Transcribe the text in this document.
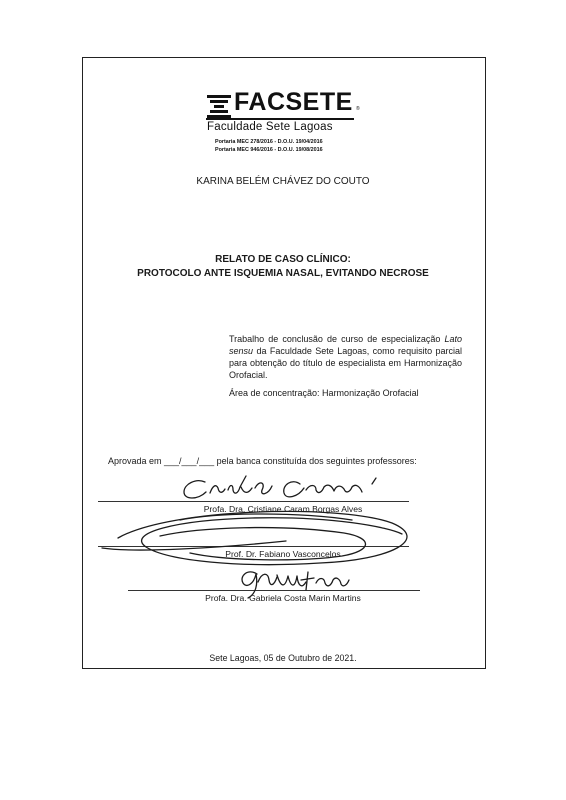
FACSETE ®
Faculdade Sete Lagoas
Portaria MEC 278/2016 - D.O.U. 19/04/2016
Portaria MEC 946/2016 - D.O.U. 19/08/2016
KARINA BELÉM CHÁVEZ DO COUTO
RELATO DE CASO CLÍNICO:
PROTOCOLO ANTE ISQUEMIA NASAL, EVITANDO NECROSE
Trabalho de conclusão de curso de especialização Lato sensu da Faculdade Sete Lagoas, como requisito parcial para obtenção do título de especialista em Harmonização Orofacial.
Área de concentração: Harmonização Orofacial
Aprovada em ___/___/___ pela banca constituída dos seguintes professores:
Profa. Dra. Cristiane Caram Borgas Alves
Prof. Dr. Fabiano Vasconcelos
Profa. Dra. Gabriela Costa Marin Martins
Sete Lagoas, 05 de Outubro de 2021.
